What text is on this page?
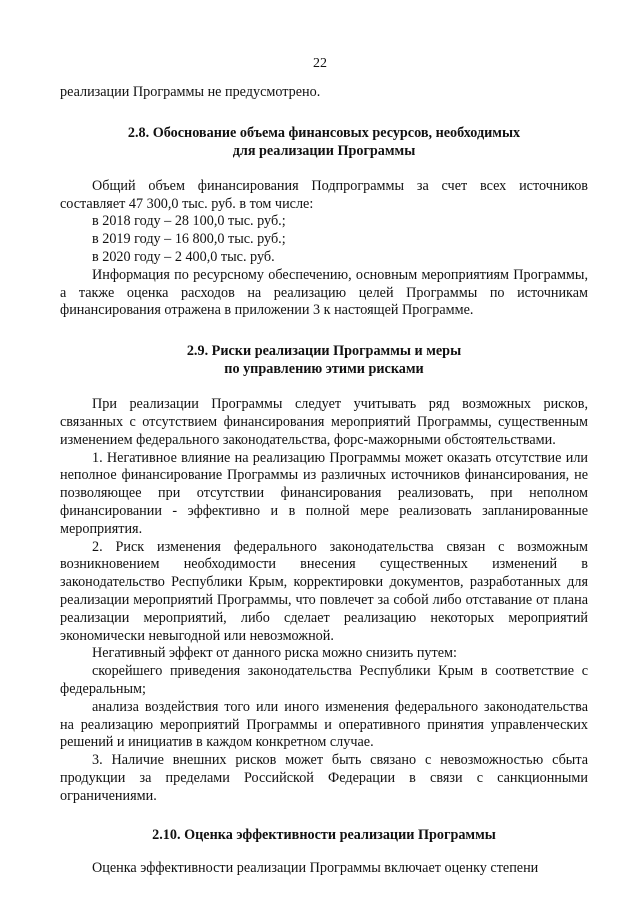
22

реализации Программы не предусмотрено.

2.8. Обоснование объема финансовых ресурсов, необходимых
для реализации Программы

Общий объем финансирования Подпрограммы за счет всех источников составляет 47 300,0 тыс. руб. в том числе:

в 2018 году – 28 100,0 тыс. руб.;

в 2019 году – 16 800,0 тыс. руб.;

в 2020 году – 2 400,0 тыс. руб.

Информация по ресурсному обеспечению, основным мероприятиям Программы, а также оценка расходов на реализацию целей Программы по источникам финансирования отражена в приложении 3 к настоящей Программе.

2.9. Риски реализации Программы и меры
по управлению этими рисками

При реализации Программы следует учитывать ряд возможных рисков, связанных с отсутствием финансирования мероприятий Программы, существенным изменением федерального законодательства, форс-мажорными обстоятельствами.

1. Негативное влияние на реализацию Программы может оказать отсутствие или неполное финансирование Программы из различных источников финансирования, не позволяющее при отсутствии финансирования реализовать, при неполном финансировании - эффективно и в полной мере реализовать запланированные мероприятия.

2. Риск изменения федерального законодательства связан с возможным возникновением необходимости внесения существенных изменений в законодательство Республики Крым, корректировки документов, разработанных для реализации мероприятий Программы, что повлечет за собой либо отставание от плана реализации мероприятий, либо сделает реализацию некоторых мероприятий экономически невыгодной или невозможной.

Негативный эффект от данного риска можно снизить путем:

скорейшего приведения законодательства Республики Крым в соответствие с федеральным;

анализа воздействия того или иного изменения федерального законодательства на реализацию мероприятий Программы и оперативного принятия управленческих решений и инициатив в каждом конкретном случае.

3. Наличие внешних рисков может быть связано с невозможностью сбыта продукции за пределами Российской Федерации в связи с санкционными ограничениями.

2.10. Оценка эффективности реализации Программы

Оценка эффективности реализации Программы включает оценку степени
